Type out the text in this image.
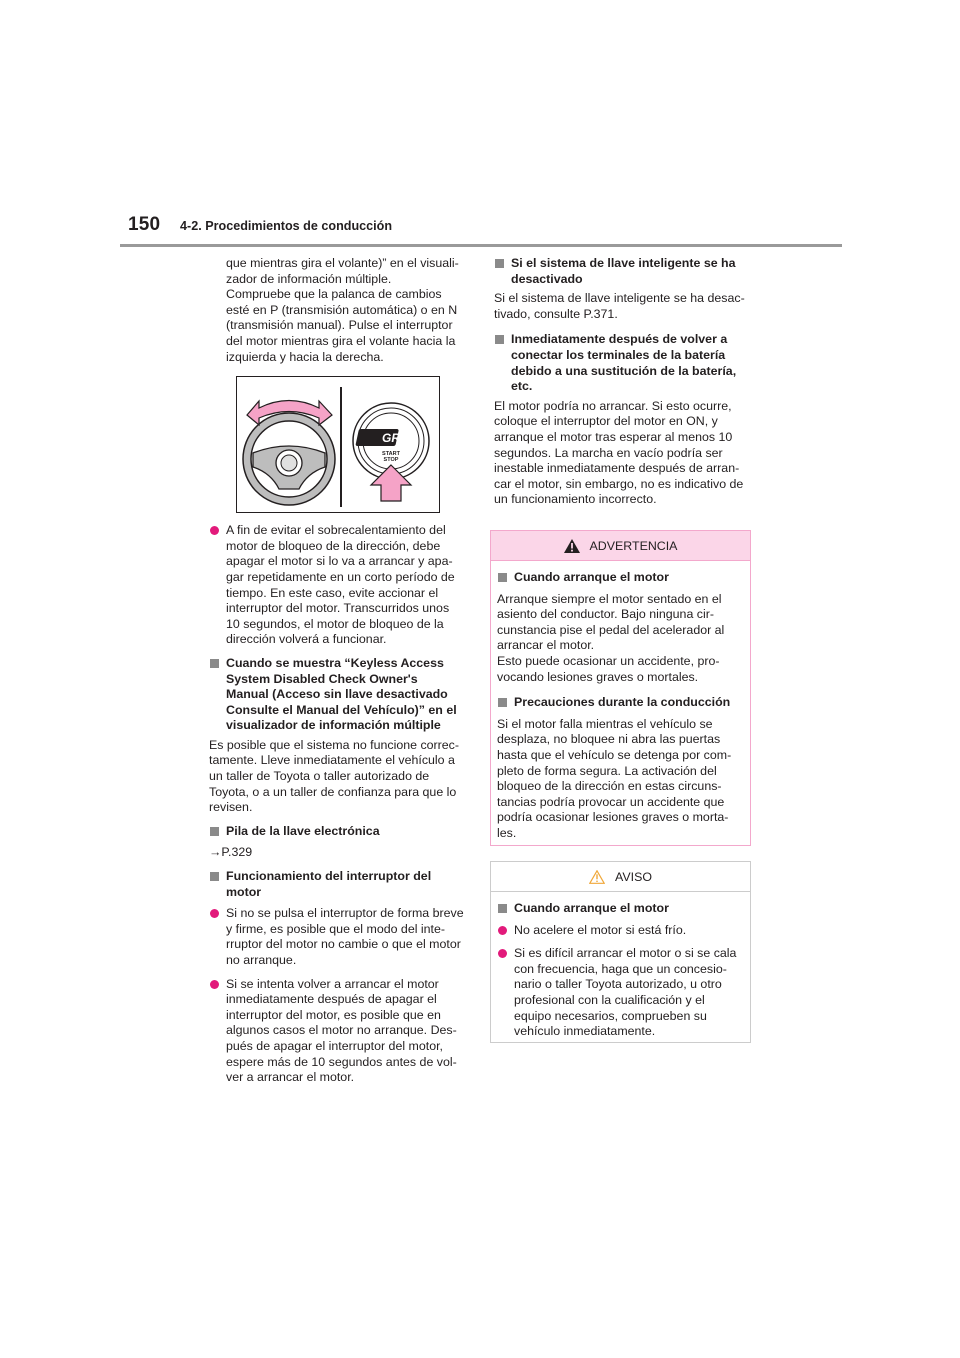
150 4-2. Procedimientos de conducción
que mientras gira el volante)” en el visuali-
zador de información múltiple.
Compruebe que la palanca de cambios
esté en P (transmisión automática) o en N
(transmisión manual). Pulse el interruptor
del motor mientras gira el volante hacia la
izquierda y hacia la derecha.
GR
START
STOP
A fin de evitar el sobrecalentamiento del
motor de bloqueo de la dirección, debe
apagar el motor si lo va a arrancar y apa-
gar repetidamente en un corto período de
tiempo. En este caso, evite accionar el
interruptor del motor. Transcurridos unos
10 segundos, el motor de bloqueo de la
dirección volverá a funcionar.
Cuando se muestra “Keyless Access
System Disabled Check Owner's
Manual (Acceso sin llave desactivado
Consulte el Manual del Vehículo)” en el
visualizador de información múltiple
Es posible que el sistema no funcione correc-
tamente. Lleve inmediatamente el vehículo a
un taller de Toyota o taller autorizado de
Toyota, o a un taller de confianza para que lo
revisen.
Pila de la llave electrónica
→P.329
Funcionamiento del interruptor del
motor
Si no se pulsa el interruptor de forma breve
y firme, es posible que el modo del inte-
rruptor del motor no cambie o que el motor
no arranque.
Si se intenta volver a arrancar el motor
inmediatamente después de apagar el
interruptor del motor, es posible que en
algunos casos el motor no arranque. Des-
pués de apagar el interruptor del motor,
espere más de 10 segundos antes de vol-
ver a arrancar el motor.
Si el sistema de llave inteligente se ha
desactivado
Si el sistema de llave inteligente se ha desac-
tivado, consulte P.371.
Inmediatamente después de volver a
conectar los terminales de la batería
debido a una sustitución de la batería,
etc.
El motor podría no arrancar. Si esto ocurre,
coloque el interruptor del motor en ON, y
arranque el motor tras esperar al menos 10
segundos. La marcha en vacío podría ser
inestable inmediatamente después de arran-
car el motor, sin embargo, no es indicativo de
un funcionamiento incorrecto.
ADVERTENCIA
Cuando arranque el motor
Arranque siempre el motor sentado en el
asiento del conductor. Bajo ninguna cir-
cunstancia pise el pedal del acelerador al
arrancar el motor.
Esto puede ocasionar un accidente, pro-
vocando lesiones graves o mortales.
Precauciones durante la conducción
Si el motor falla mientras el vehículo se
desplaza, no bloquee ni abra las puertas
hasta que el vehículo se detenga por com-
pleto de forma segura. La activación del
bloqueo de la dirección en estas circuns-
tancias podría provocar un accidente que
podría ocasionar lesiones graves o morta-
les.
AVISO
Cuando arranque el motor
No acelere el motor si está frío.
Si es difícil arrancar el motor o si se cala
con frecuencia, haga que un concesio-
nario o taller Toyota autorizado, u otro
profesional con la cualificación y el
equipo necesarios, comprueben su
vehículo inmediatamente.
